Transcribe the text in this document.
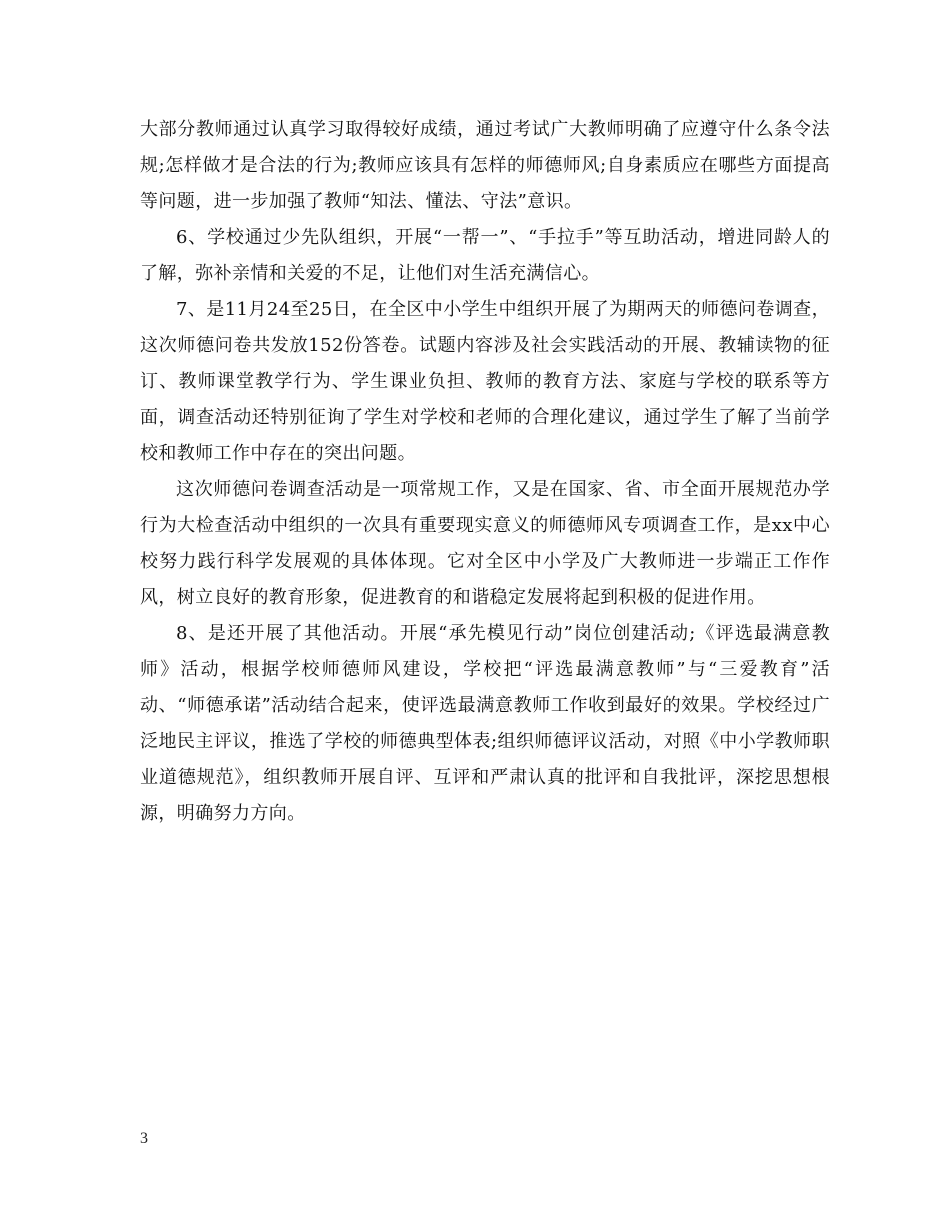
大部分教师通过认真学习取得较好成绩，通过考试广大教师明确了应遵守什么条令法规;怎样做才是合法的行为;教师应该具有怎样的师德师风;自身素质应在哪些方面提高等问题，进一步加强了教师“知法、懂法、守法”意识。

6、学校通过少先队组织，开展“一帮一”、“手拉手”等互助活动，增进同龄人的了解，弥补亲情和关爱的不足，让他们对生活充满信心。

7、是11月24至25日，在全区中小学生中组织开展了为期两天的师德问卷调查，这次师德问卷共发放152份答卷。试题内容涉及社会实践活动的开展、教辅读物的征订、教师课堂教学行为、学生课业负担、教师的教育方法、家庭与学校的联系等方面，调查活动还特别征询了学生对学校和老师的合理化建议，通过学生了解了当前学校和教师工作中存在的突出问题。

这次师德问卷调查活动是一项常规工作，又是在国家、省、市全面开展规范办学行为大检查活动中组织的一次具有重要现实意义的师德师风专项调查工作，是xx中心校努力践行科学发展观的具体体现。它对全区中小学及广大教师进一步端正工作作风，树立良好的教育形象，促进教育的和谐稳定发展将起到积极的促进作用。

8、是还开展了其他活动。开展“承先模见行动”岗位创建活动;《评选最满意教师》活动，根据学校师德师风建设，学校把“评选最满意教师”与“三爱教育”活动、“师德承诺”活动结合起来，使评选最满意教师工作收到最好的效果。学校经过广泛地民主评议，推选了学校的师德典型体表;组织师德评议活动，对照《中小学教师职业道德规范》，组织教师开展自评、互评和严肃认真的批评和自我批评，深挖思想根源，明确努力方向。

3
